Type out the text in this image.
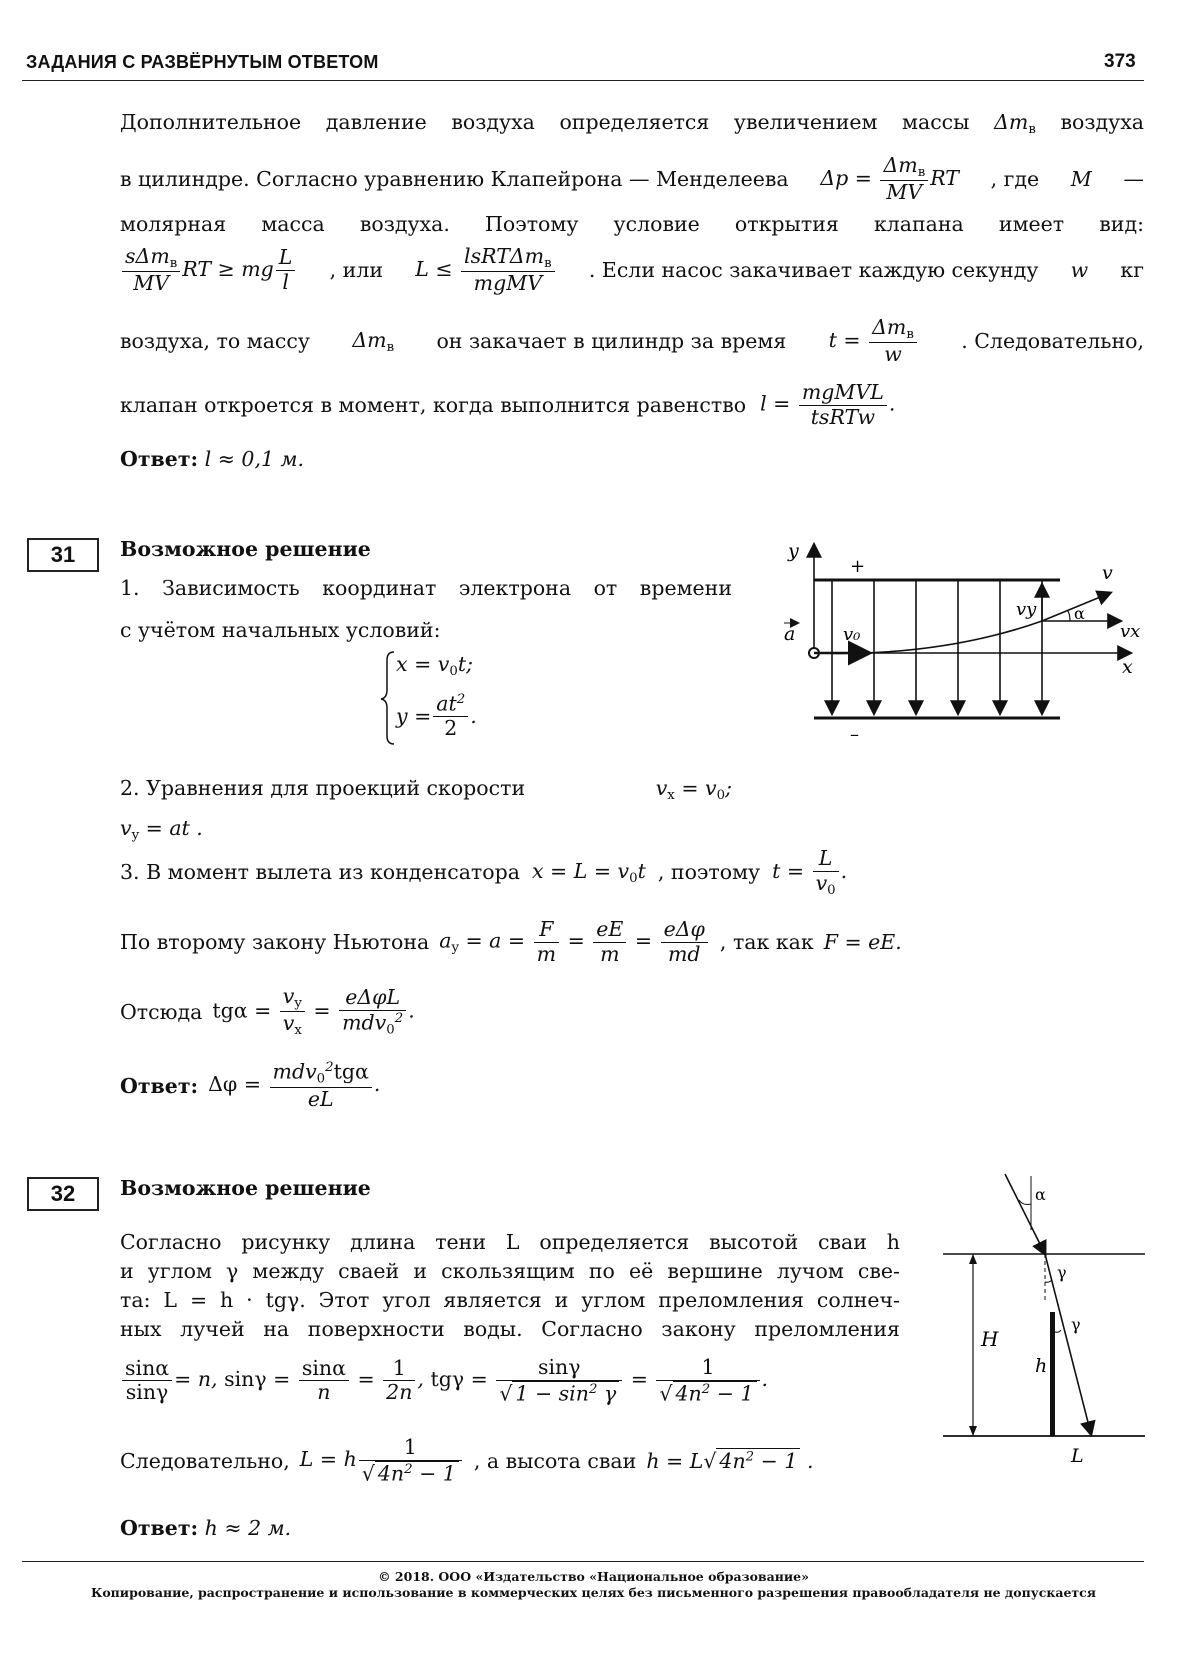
ЗАДАНИЯ С РАЗВЁРНУТЫМ ОТВЕТОМ	373
Дополнительное давление воздуха определяется увеличением массы $\Delta m_в$ воздуха
в цилиндре. Согласно уравнению Клапейрона — Менделеева $\Delta p = \frac{\Delta m_в}{MV}$ RT , где M —
молярная масса воздуха. Поэтому условие открытия клапана имеет вид:
$\frac{s\Delta m_в}{MV}$ RT ≥ mg $\frac{L}{l}$ , или $L \le \frac{lsRT\Delta m_в}{\text{mgMV}}$ . Если насос закачивает каждую секунду w кг
воздуха, то массу $\Delta m_в$ он закачает в цилиндр за время $t = \frac{\Delta m_в}{w}$ . Следовательно,
клапан откроется в момент, когда выполнится равенство $l = \frac{\text{mgMVL}}{\text{tsRTw}}$ .
Ответ: l ≈ 0,1 м.
31	Возможное решение
1. Зависимость координат электрона от времени
с учётом начальных условий:
$x = v_0t$;
$y = \frac{at^2}{2}$ .
2. Уравнения для проекций скорости	$v_x = v_0$;
$v_y$ = at .
3. В момент вылета из конденсатора $x = L = v_0t$ , поэтому $t = \frac{L}{v_0}$ .
По второму закону Ньютона $a_y = a = \frac{F}{m} = \frac{eE}{m} = \frac{\text{eΔφ}}{md}$ , так как F = eE.
Отсюда $tg\alpha = \frac{v_y}{v_x} = \frac{\text{eΔφL}}{mdv_0^2}$ .
Ответ: $\Delta\varphi = \frac{mdv_0^2tg\alpha}{eL}$ .
y
x
+
–
a	v₀
vy
v
vx
α
32	Возможное решение
Согласно рисунку длина тени L определяется высотой сваи h
и углом γ между сваей и скользящим по её вершине лучом све-
та: L = h · tgγ. Этот угол является и углом преломления солнеч-
ных лучей на поверхности воды. Согласно закону преломления
$\frac{\sin\alpha}{\sin\gamma} = n$, $\sin\gamma = \frac{\sin\alpha}{n} = \frac{1}{2n}$ , $tg\gamma = \frac{\sin\gamma}{√ 1 - \sin^2 \gamma} = \frac{1}{√ 4n^2 - 1}$ .
Следовательно, L = h $\frac{1}{√ 4n^2 - 1}$ , а высота сваи h = L√ $4n^2 - 1$ .
Ответ: h ≈ 2 м.
α
γ
γ
H
h
L
© 2018. ООО «Издательство «Национальное образование»
Копирование, распространение и использование в коммерческих целях без письменного разрешения правообладателя не допускается
